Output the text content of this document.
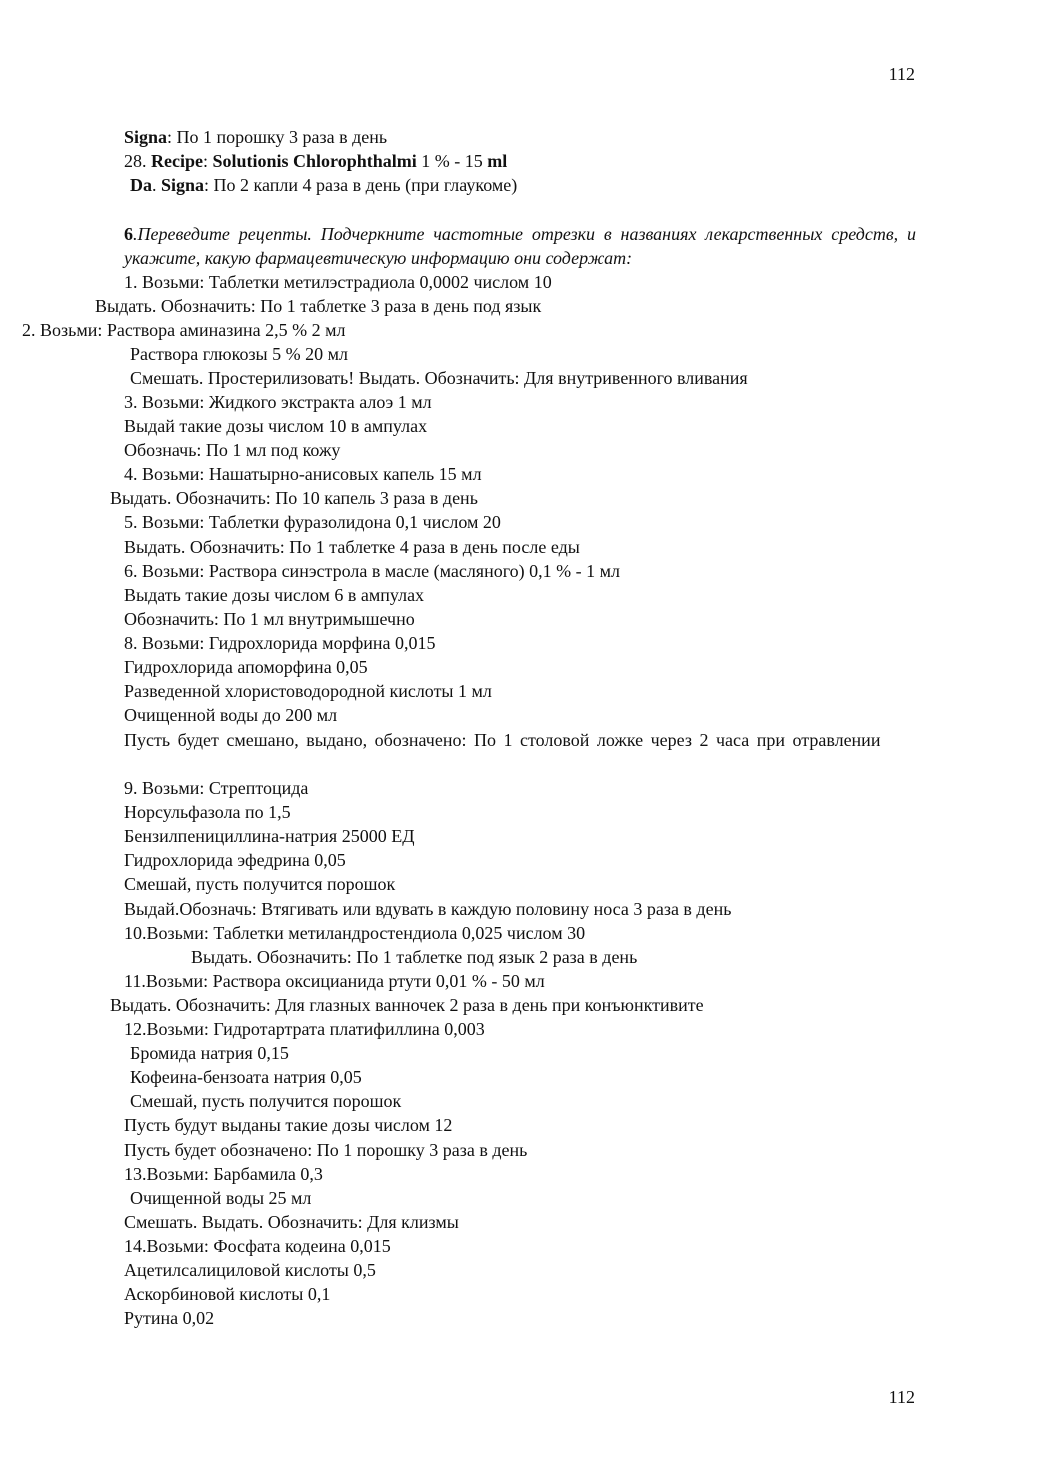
112
Signa: По 1 порошку 3 раза в день
28. Recipe: Solutionis Chlorophthalmi 1 % - 15 ml
Da. Signa: По 2 капли 4 раза в день (при глаукоме)
6.Переведите рецепты. Подчеркните частотные отрезки в названиях лекарственных средств, и укажите, какую фармацевтическую информацию они содержат:
1. Возьми: Таблетки метилэстрадиола 0,0002 числом 10
Выдать. Обозначить: По 1 таблетке 3 раза в день под язык
2. Возьми: Раствора аминазина 2,5 % 2 мл
Раствора глюкозы 5 % 20 мл
Смешать. Простерилизовать! Выдать. Обозначить: Для внутривенного вливания
3. Возьми: Жидкого экстракта алоэ 1 мл
Выдай такие дозы числом 10 в ампулах
Обозначь: По 1 мл под кожу
4. Возьми: Нашатырно-анисовых капель 15 мл
Выдать. Обозначить: По 10 капель 3 раза в день
5. Возьми: Таблетки фуразолидона 0,1 числом 20
Выдать. Обозначить: По 1 таблетке 4 раза в день после еды
6. Возьми: Раствора синэстрола в масле (масляного) 0,1 % - 1 мл
Выдать такие дозы числом 6 в ампулах
Обозначить: По 1 мл внутримышечно
8. Возьми: Гидрохлорида морфина 0,015
Гидрохлорида апоморфина 0,05
Разведенной хлористоводородной кислоты 1 мл
Очищенной воды до 200 мл
Пусть будет смешано, выдано, обозначено: По 1 столовой ложке через 2 часа при отравлении
9. Возьми: Стрептоцида
Норсульфазола по 1,5
Бензилпенициллина-натрия 25000 ЕД
Гидрохлорида эфедрина 0,05
Смешай, пусть получится порошок
Выдай.Обозначь: Втягивать или вдувать в каждую половину носа 3 раза в день
10.Возьми: Таблетки метиландростендиола 0,025 числом 30
Выдать. Обозначить: По 1 таблетке под язык 2 раза в день
11.Возьми: Раствора оксицианида ртути 0,01 % - 50 мл
Выдать. Обозначить: Для глазных ванночек 2 раза в день при конъюнктивите
12.Возьми: Гидротартрата платифиллина 0,003
Бромида натрия 0,15
Кофеина-бензоата натрия 0,05
Смешай, пусть получится порошок
Пусть будут выданы такие дозы числом 12
Пусть будет обозначено: По 1 порошку 3 раза в день
13.Возьми: Барбамила 0,3
Очищенной воды 25 мл
Смешать. Выдать. Обозначить: Для клизмы
14.Возьми: Фосфата кодеина 0,015
Ацетилсалициловой кислоты 0,5
Аскорбиновой кислоты 0,1
Рутина 0,02
112
